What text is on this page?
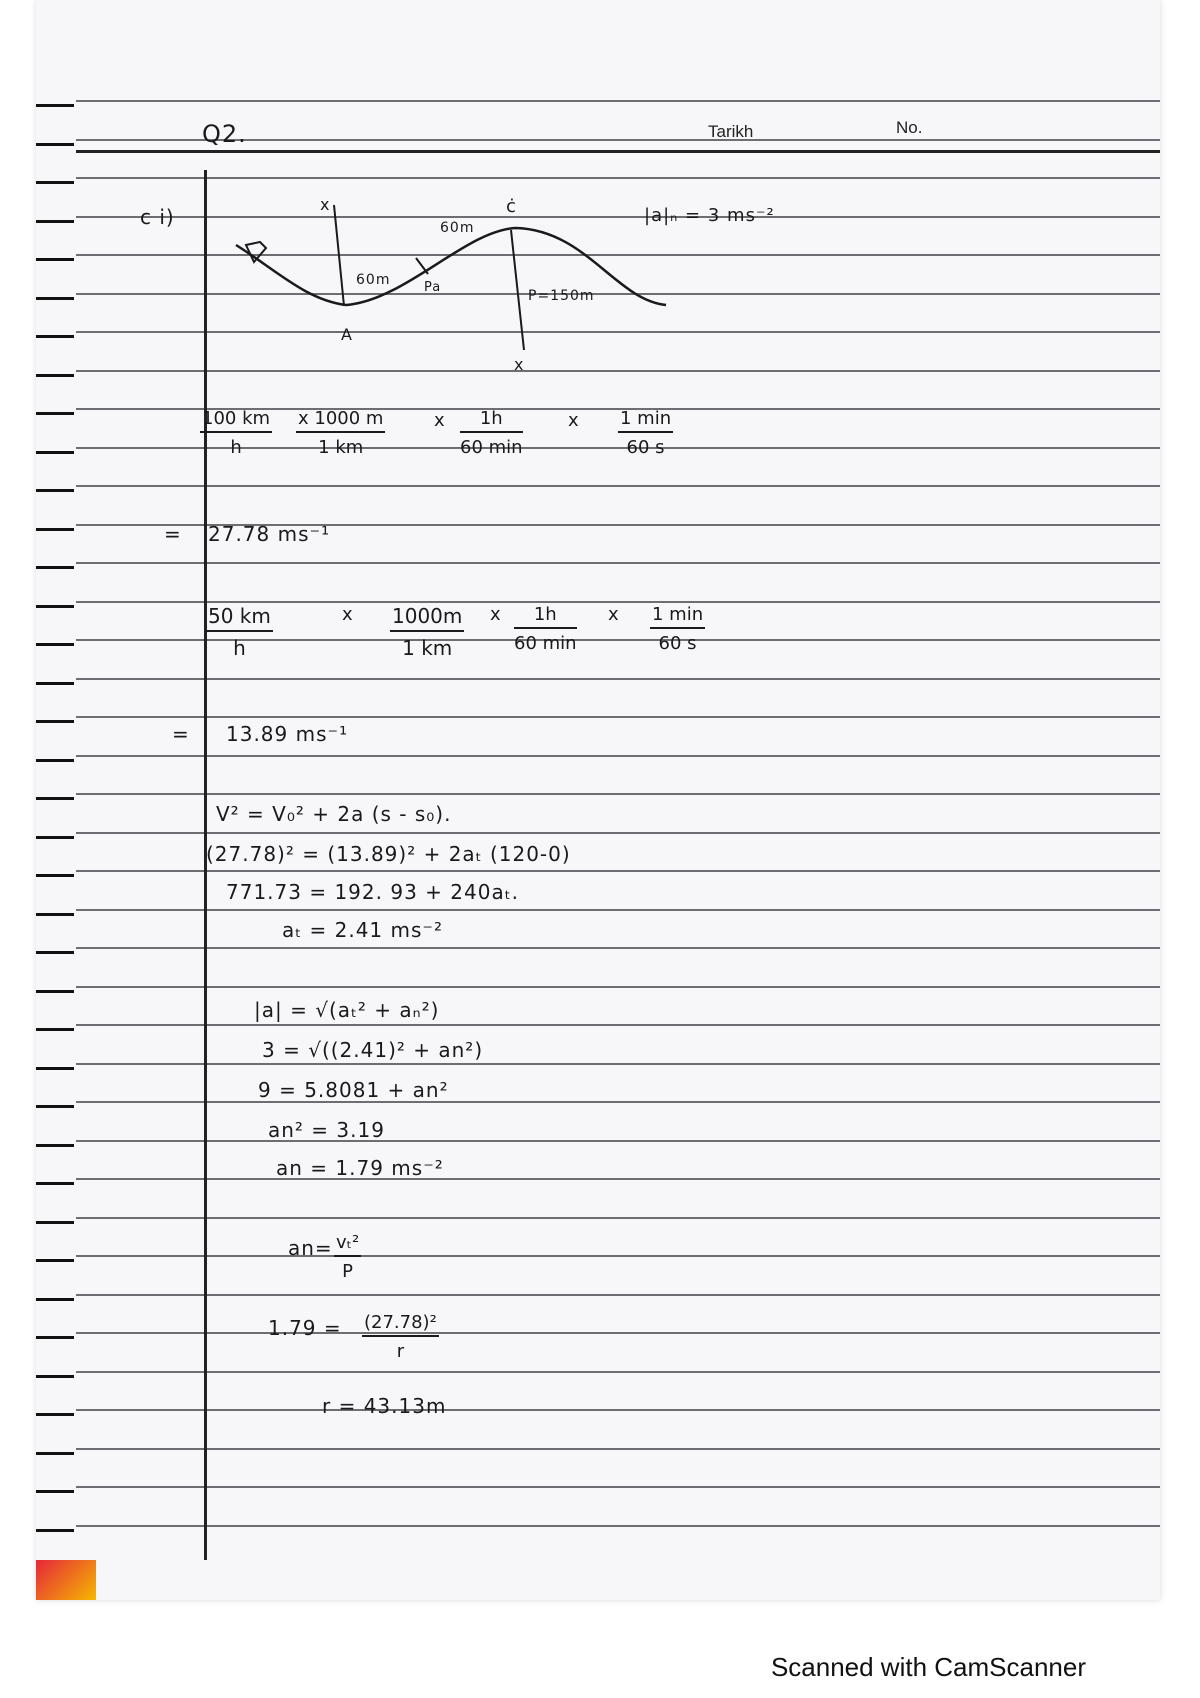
Q2.	Tarikh	No.
c i)
x	ċ
60m
60m	Pa
P=150m
A
x
|a|ₙ = 3 ms⁻²
$\frac{100 km}{h} \frac{x 1000 m}{1 km}$	x	1h
60 min
x 1 min
60 s
= 27.78 ms⁻¹
$\frac{50 km}{h}$	x $\frac{1000m}{1 km}$ x	1h
60 min
x 1 min
60 s
= 13.89 ms⁻¹
V² = V₀² + 2a (s - s₀).
(27.78)² = (13.89)² + 2aₜ (120-0)
771.73 = 192. 93 + 240aₜ.
aₜ = 2.41 ms⁻²
|a| = √(aₜ² + aₙ²)
3 = √((2.41)² + an²)
9 = 5.8081 + an²
an² = 3.19
an = 1.79 ms⁻²
$an= \frac{\text{vₜ²}}{P}$
$1.79 = \frac{\text{(27.78)²}}{r}$
r = 43.13m
Scanned with CamScanner
